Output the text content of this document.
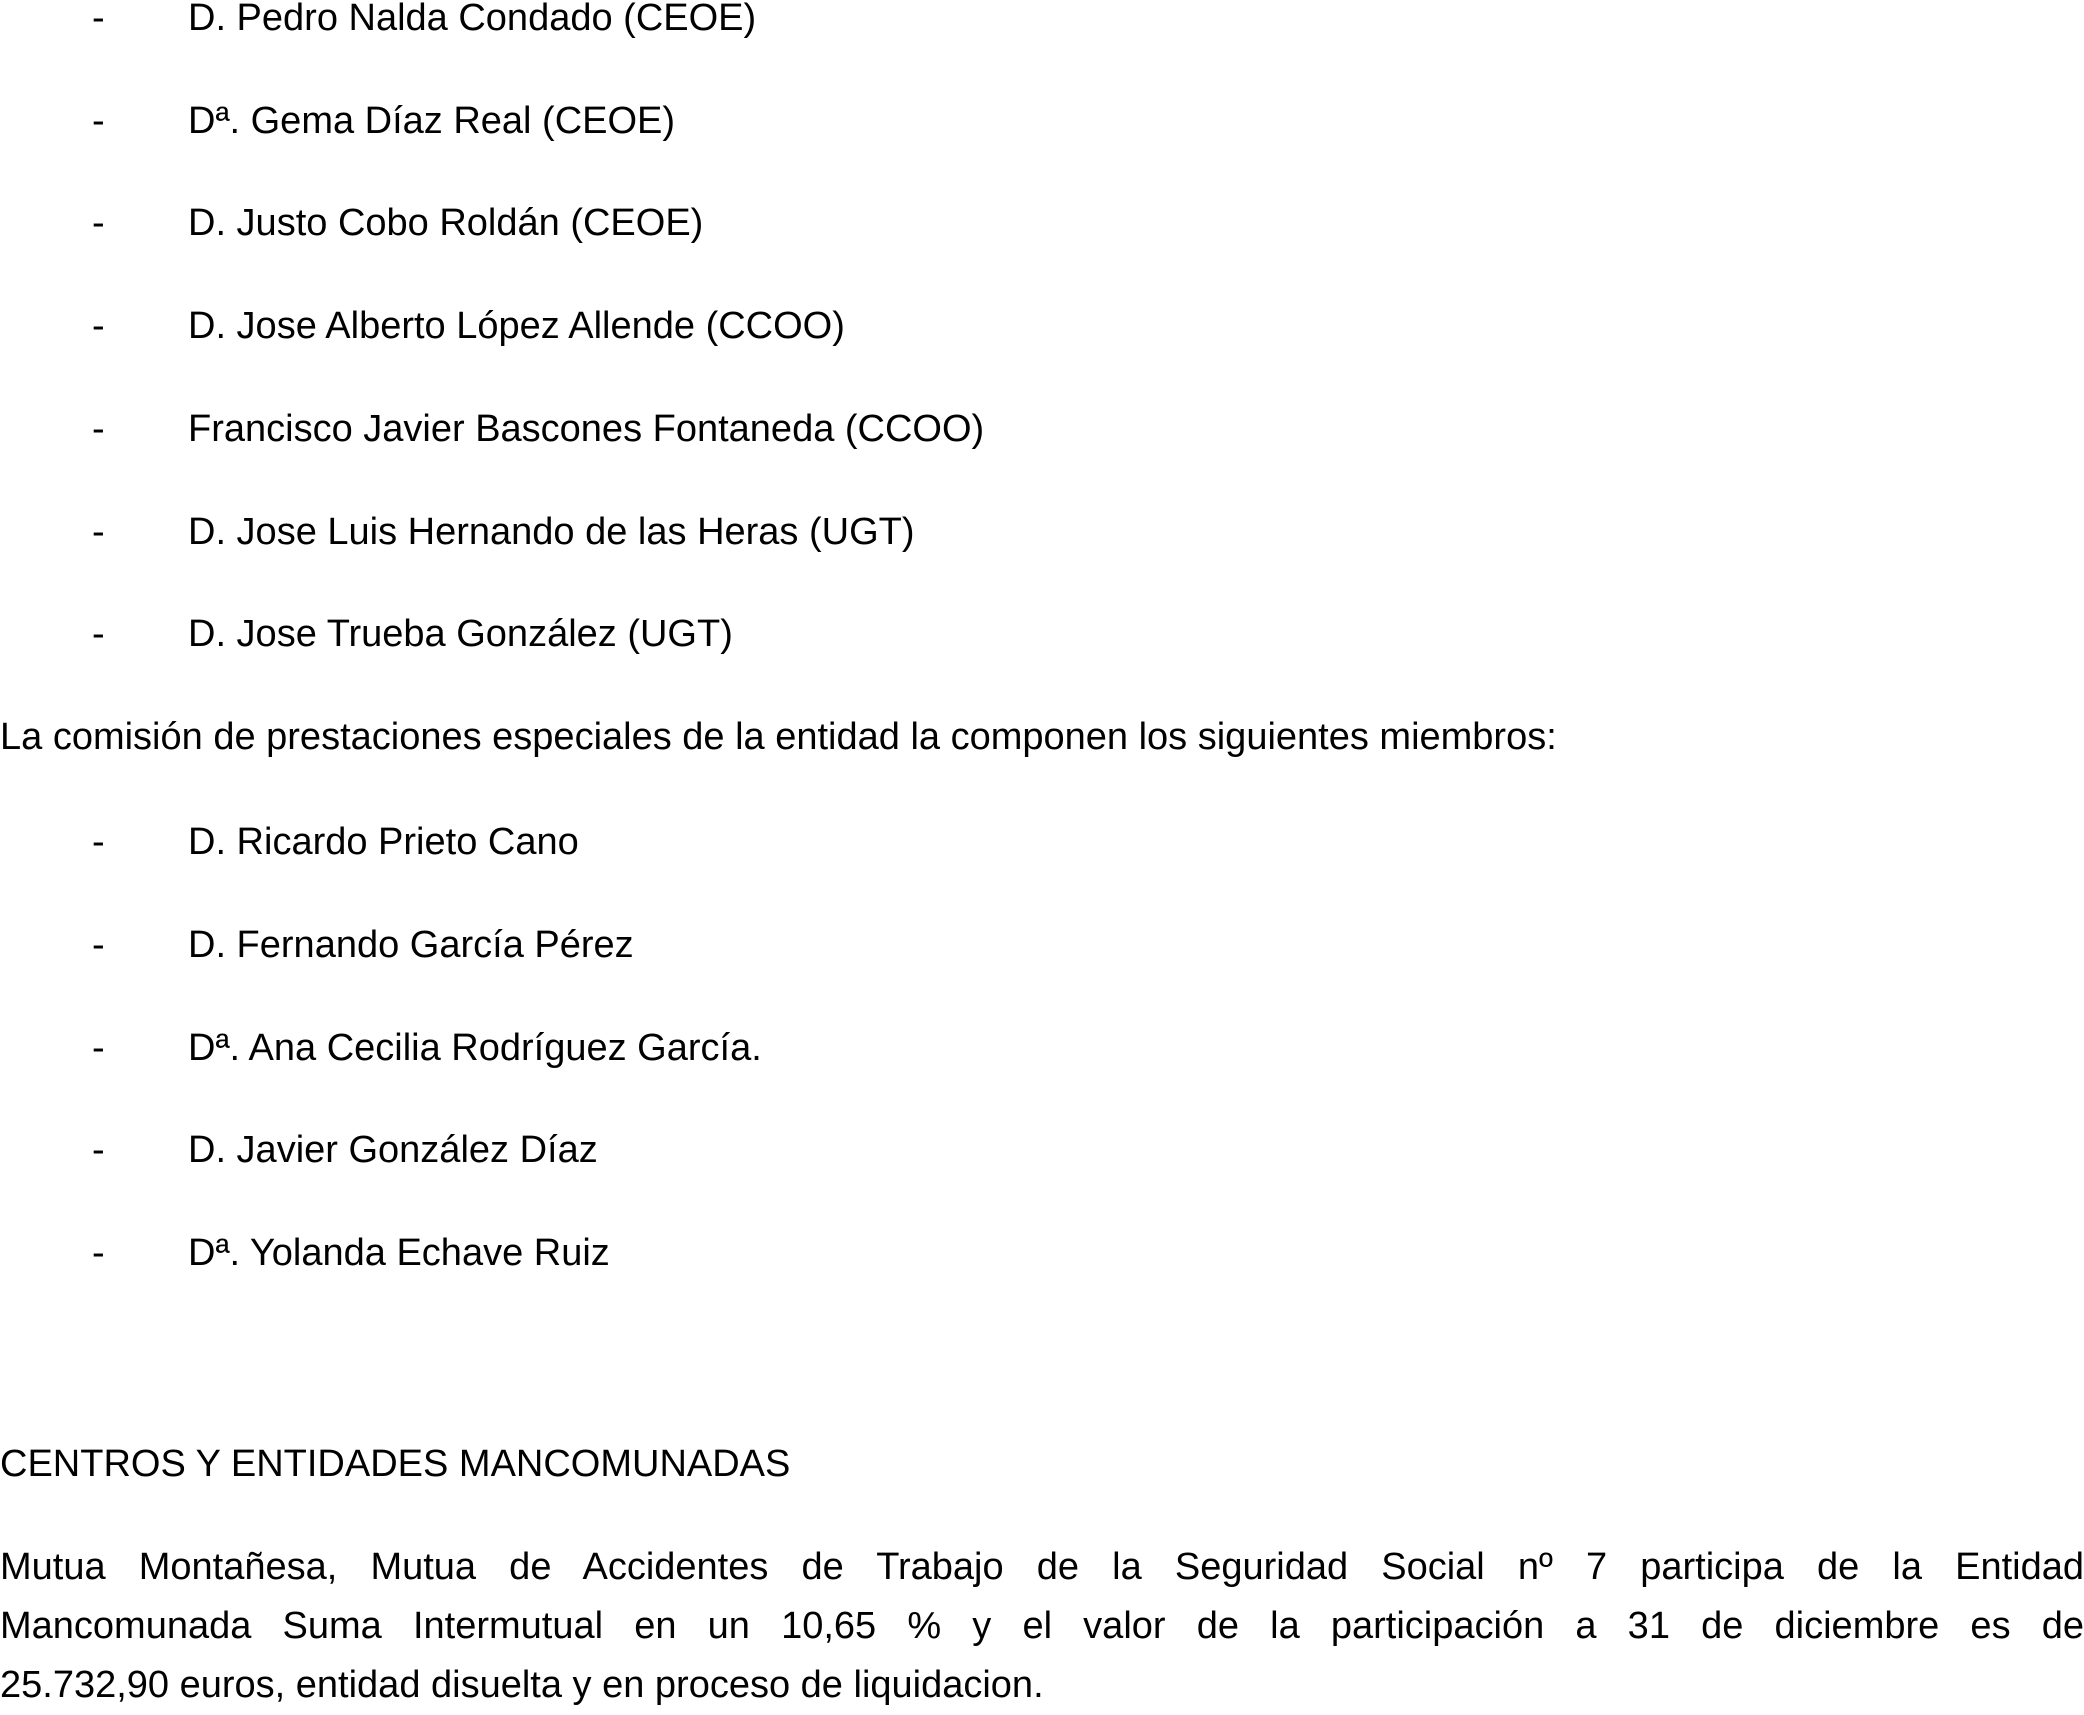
- D. Pedro Nalda Condado (CEOE)
- Dª. Gema Díaz Real (CEOE)
- D. Justo Cobo Roldán (CEOE)
- D. Jose Alberto López Allende (CCOO)
- Francisco Javier Bascones Fontaneda (CCOO)
- D. Jose Luis Hernando de las Heras (UGT)
- D. Jose Trueba González (UGT)
La comisión de prestaciones especiales de la entidad la componen los siguientes miembros:
- D. Ricardo Prieto Cano
- D. Fernando García Pérez
- Dª. Ana Cecilia Rodríguez García.
- D. Javier González Díaz
- Dª. Yolanda Echave Ruiz
CENTROS Y ENTIDADES MANCOMUNADAS
Mutua Montañesa, Mutua de Accidentes de Trabajo de la Seguridad Social nº 7 participa de la Entidad
Mancomunada Suma Intermutual en un 10,65 % y el valor de la participación a 31 de diciembre es de
25.732,90 euros, entidad disuelta y en proceso de liquidacion.
